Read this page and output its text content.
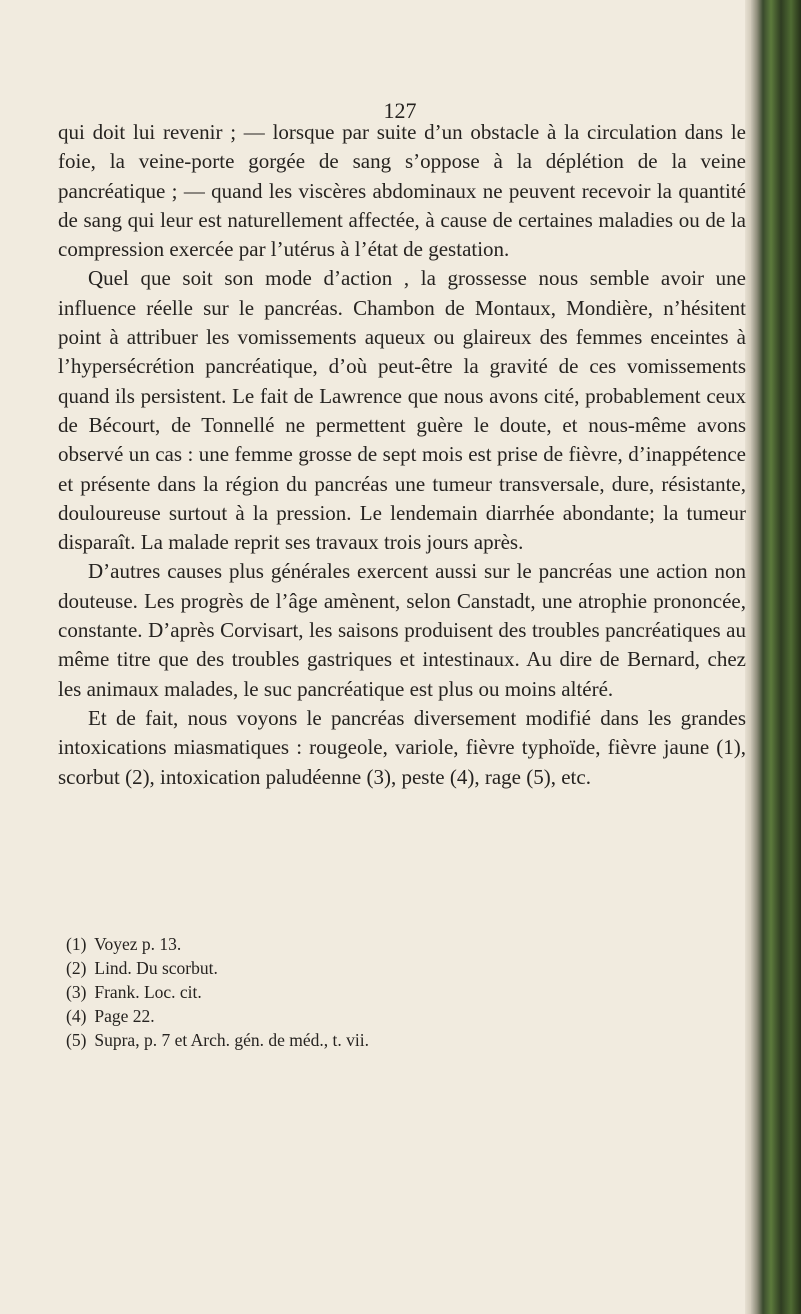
127

qui doit lui revenir ; — lorsque par suite d’un obstacle à la circulation dans le foie, la veine-porte gorgée de sang s’oppose à la déplétion de la veine pancréatique ; — quand les viscères abdominaux ne peuvent recevoir la quantité de sang qui leur est naturellement affectée, à cause de certaines maladies ou de la compression exercée par l’utérus à l’état de gestation.

Quel que soit son mode d’action , la grossesse nous semble avoir une influence réelle sur le pancréas. Chambon de Montaux, Mondière, n’hésitent point à attribuer les vomissements aqueux ou glaireux des femmes enceintes à l’hypersécrétion pancréatique, d’où peut-être la gravité de ces vomissements quand ils persistent. Le fait de Lawrence que nous avons cité, probablement ceux de Bécourt, de Tonnellé ne permettent guère le doute, et nous-même avons observé un cas : une femme grosse de sept mois est prise de fièvre, d’inappétence et présente dans la région du pancréas une tumeur transversale, dure, résistante, douloureuse surtout à la pression. Le lendemain diarrhée abondante; la tumeur disparaît. La malade reprit ses travaux trois jours après.

D’autres causes plus générales exercent aussi sur le pancréas une action non douteuse. Les progrès de l’âge amènent, selon Canstadt, une atrophie prononcée, constante. D’après Corvisart, les saisons produisent des troubles pancréatiques au même titre que des troubles gastriques et intestinaux. Au dire de Bernard, chez les animaux malades, le suc pancréatique est plus ou moins altéré.

Et de fait, nous voyons le pancréas diversement modifié dans les grandes intoxications miasmatiques : rougeole, variole, fièvre typhoïde, fièvre jaune (1), scorbut (2), intoxication paludéenne (3), peste (4), rage (5), etc.

(1) Voyez p. 13.
(2) Lind. Du scorbut.
(3) Frank. Loc. cit.
(4) Page 22.
(5) Supra, p. 7 et Arch. gén. de méd., t. vii.
